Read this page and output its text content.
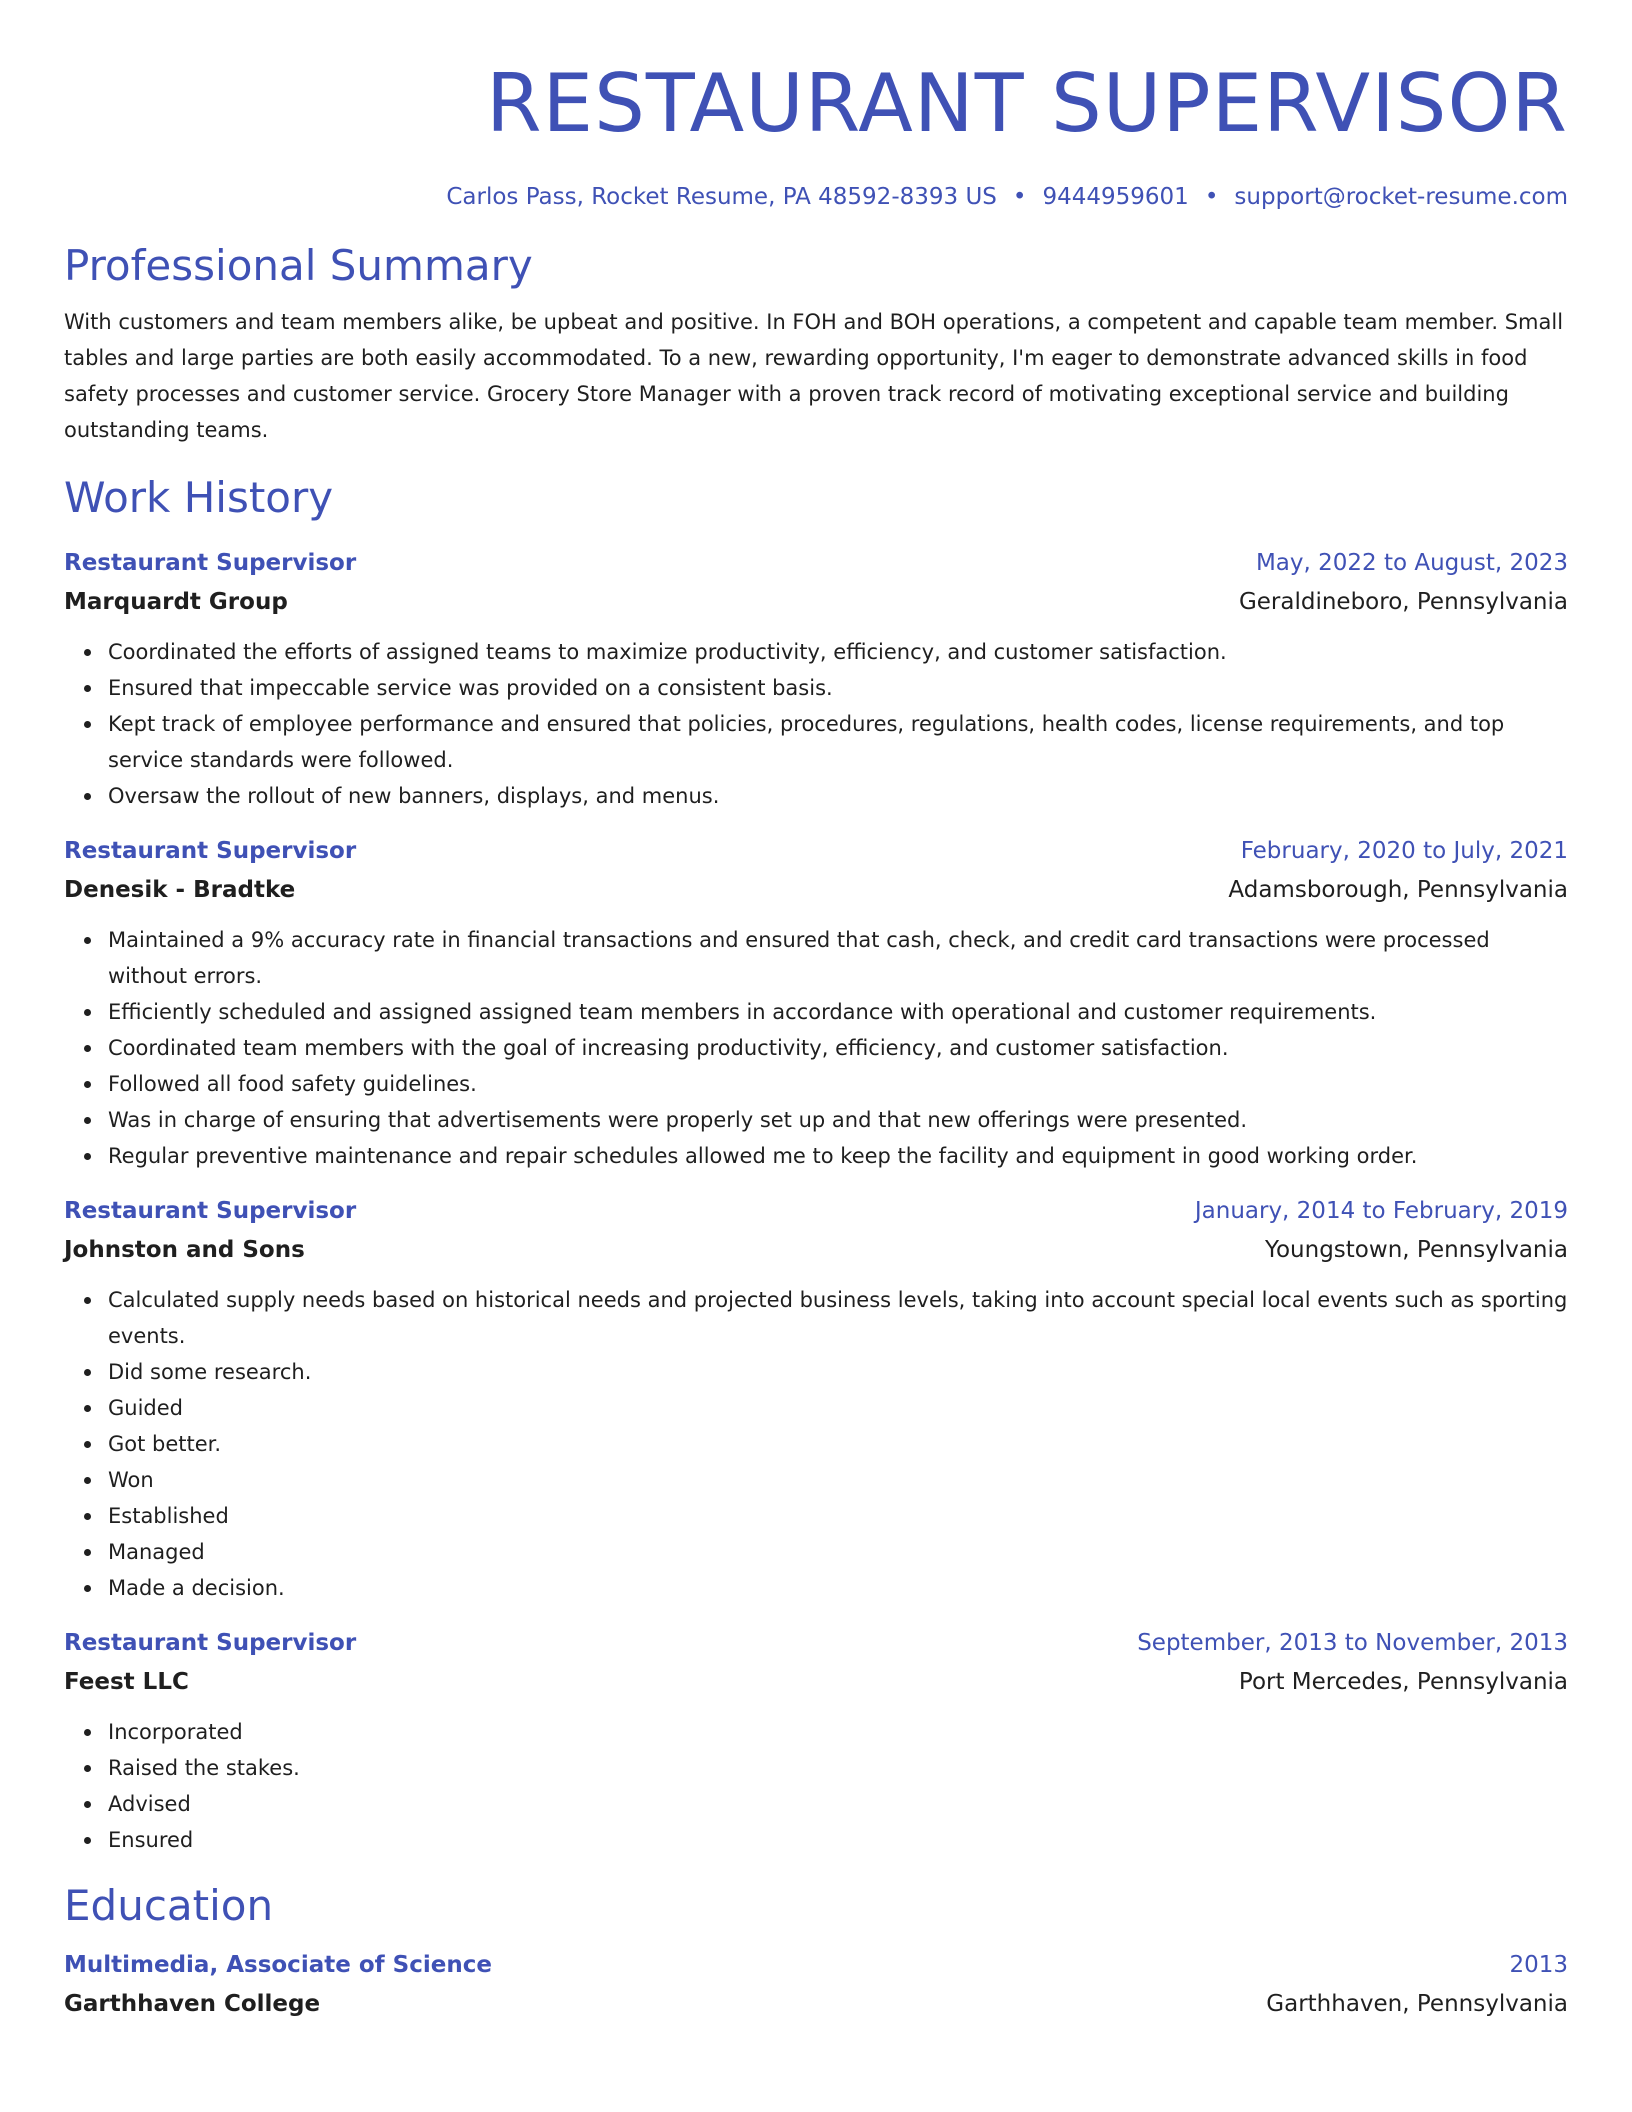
RESTAURANT SUPERVISOR
Carlos Pass, Rocket Resume, PA 48592-8393 US • 9444959601 • support@rocket-resume.com
Professional Summary
With customers and team members alike, be upbeat and positive. In FOH and BOH operations, a competent and capable team member. Small tables and large parties are both easily accommodated. To a new, rewarding opportunity, I'm eager to demonstrate advanced skills in food safety processes and customer service. Grocery Store Manager with a proven track record of motivating exceptional service and building outstanding teams.
Work History
Restaurant Supervisor	May, 2022 to August, 2023
Marquardt Group	Geraldineboro, Pennsylvania
Coordinated the efforts of assigned teams to maximize productivity, efficiency, and customer satisfaction.
Ensured that impeccable service was provided on a consistent basis.
Kept track of employee performance and ensured that policies, procedures, regulations, health codes, license requirements, and top service standards were followed.
Oversaw the rollout of new banners, displays, and menus.
Restaurant Supervisor	February, 2020 to July, 2021
Denesik - Bradtke	Adamsborough, Pennsylvania
Maintained a 9% accuracy rate in financial transactions and ensured that cash, check, and credit card transactions were processed without errors.
Efficiently scheduled and assigned assigned team members in accordance with operational and customer requirements.
Coordinated team members with the goal of increasing productivity, efficiency, and customer satisfaction.
Followed all food safety guidelines.
Was in charge of ensuring that advertisements were properly set up and that new offerings were presented.
Regular preventive maintenance and repair schedules allowed me to keep the facility and equipment in good working order.
Restaurant Supervisor	January, 2014 to February, 2019
Johnston and Sons	Youngstown, Pennsylvania
Calculated supply needs based on historical needs and projected business levels, taking into account special local events such as sporting events.
Did some research.
Guided
Got better.
Won
Established
Managed
Made a decision.
Restaurant Supervisor	September, 2013 to November, 2013
Feest LLC	Port Mercedes, Pennsylvania
Incorporated
Raised the stakes.
Advised
Ensured
Education
Multimedia, Associate of Science	2013
Garthhaven College	Garthhaven, Pennsylvania
